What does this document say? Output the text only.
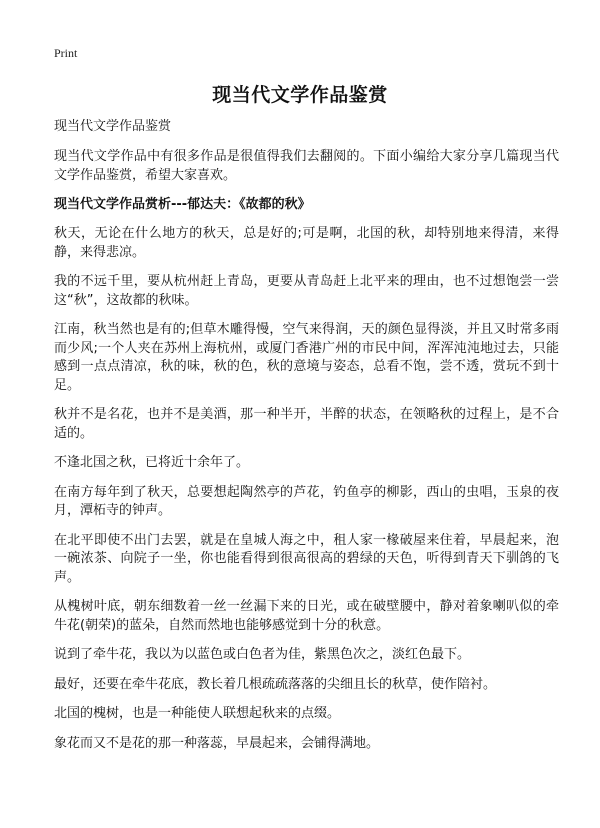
Print
现当代文学作品鉴赏

现当代文学作品鉴赏

现当代文学作品中有很多作品是很值得我们去翻阅的。下面小编给大家分享几篇现当代文学作品鉴赏，希望大家喜欢。

现当代文学作品赏析---郁达夫：《故都的秋》

秋天，无论在什么地方的秋天，总是好的;可是啊，北国的秋，却特别地来得清，来得静，来得悲凉。

我的不远千里，要从杭州赶上青岛，更要从青岛赶上北平来的理由，也不过想饱尝一尝这“秋”，这故都的秋味。

江南，秋当然也是有的;但草木雕得慢，空气来得润，天的颜色显得淡，并且又时常多雨而少风;一个人夹在苏州上海杭州，或厦门香港广州的市民中间，浑浑沌沌地过去，只能感到一点点清凉，秋的味，秋的色，秋的意境与姿态，总看不饱，尝不透，赏玩不到十足。

秋并不是名花，也并不是美酒，那一种半开，半醉的状态，在领略秋的过程上，是不合适的。

不逢北国之秋，已将近十余年了。

在南方每年到了秋天，总要想起陶然亭的芦花，钓鱼亭的柳影，西山的虫唱，玉泉的夜月，潭柘寺的钟声。

在北平即使不出门去罢，就是在皇城人海之中，租人家一椽破屋来住着，早晨起来，泡一碗浓茶、向院子一坐，你也能看得到很高很高的碧绿的天色，听得到青天下驯鸽的飞声。

从槐树叶底，朝东细数着一丝一丝漏下来的日光，或在破壁腰中，静对着象喇叭似的牵牛花(朝荣)的蓝朵，自然而然地也能够感觉到十分的秋意。

说到了牵牛花，我以为以蓝色或白色者为佳，紫黑色次之，淡红色最下。

最好，还要在牵牛花底，教长着几根疏疏落落的尖细且长的秋草，使作陪衬。

北国的槐树，也是一种能使人联想起秋来的点缀。

象花而又不是花的那一种落蕊，早晨起来，会铺得满地。
